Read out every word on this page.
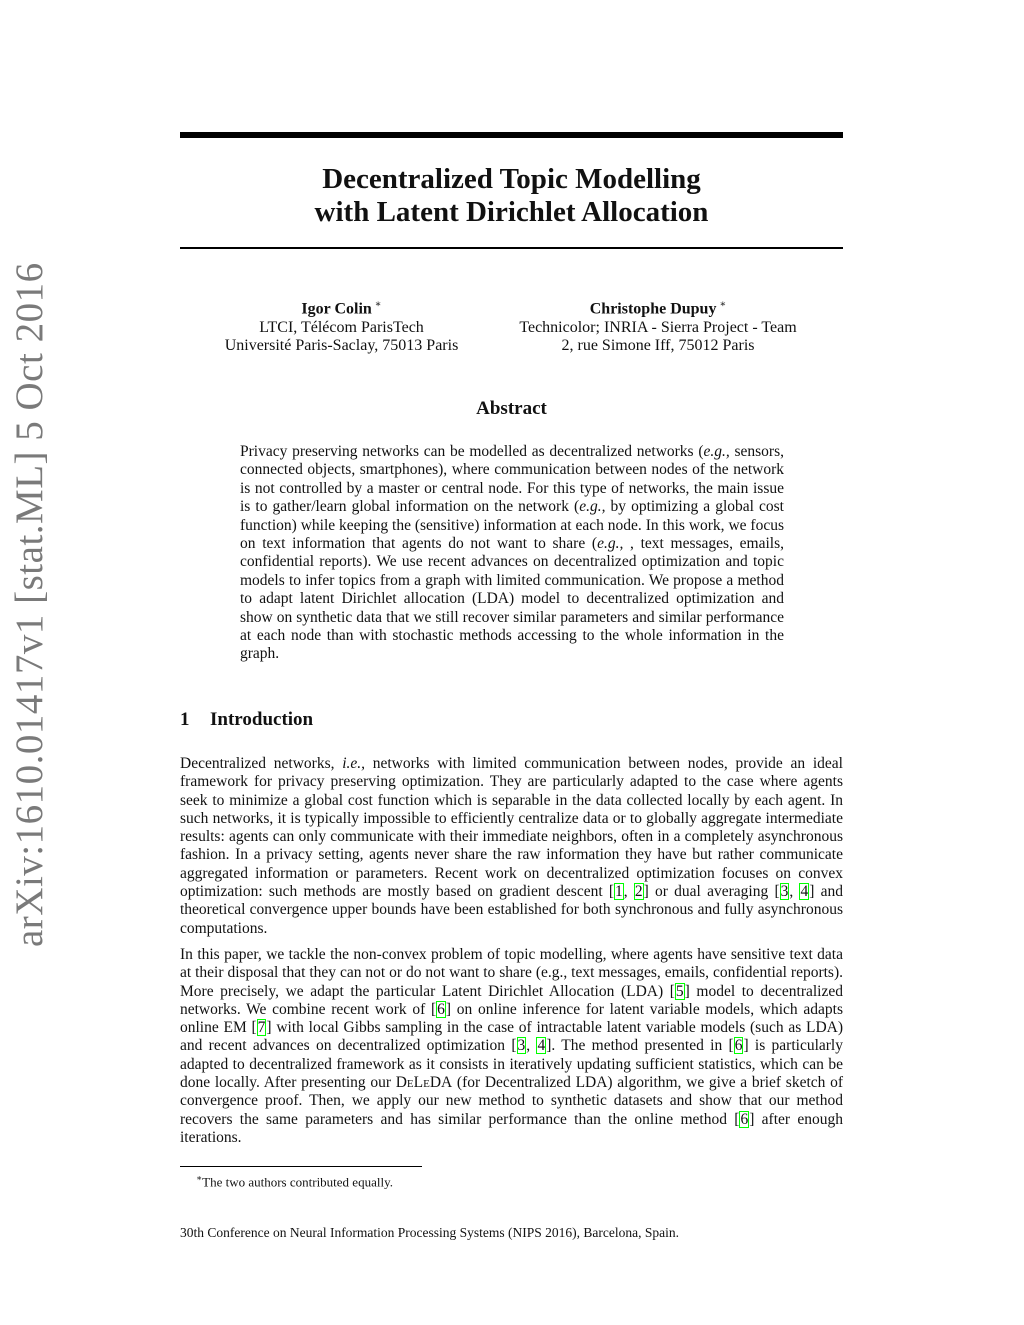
arXiv:1610.01417v1 [stat.ML] 5 Oct 2016
Decentralized Topic Modelling
with Latent Dirichlet Allocation
Igor Colin ∗
LTCI, Télécom ParisTech
Université Paris-Saclay, 75013 Paris
Christophe Dupuy ∗
Technicolor; INRIA - Sierra Project - Team
2, rue Simone Iff, 75012 Paris
Abstract

Privacy preserving networks can be modelled as decentralized networks (e.g., sensors, connected objects, smartphones), where communication between nodes of the network is not controlled by a master or central node. For this type of networks, the main issue is to gather/learn global information on the network (e.g., by optimizing a global cost function) while keeping the (sensitive) information at each node. In this work, we focus on text information that agents do not want to share (e.g., , text messages, emails, confidential reports). We use recent advances on decentralized optimization and topic models to infer topics from a graph with limited communication. We propose a method to adapt latent Dirichlet allocation (LDA) model to decentralized optimization and show on synthetic data that we still recover similar parameters and similar performance at each node than with stochastic methods accessing to the whole information in the graph.

1 Introduction

Decentralized networks, i.e., networks with limited communication between nodes, provide an ideal framework for privacy preserving optimization. They are particularly adapted to the case where agents seek to minimize a global cost function which is separable in the data collected locally by each agent. In such networks, it is typically impossible to efficiently centralize data or to globally aggregate intermediate results: agents can only communicate with their immediate neighbors, often in a completely asynchronous fashion. In a privacy setting, agents never share the raw information they have but rather communicate aggregated information or parameters. Recent work on decentralized optimization focuses on convex optimization: such methods are mostly based on gradient descent [1, 2] or dual averaging [3, 4] and theoretical convergence upper bounds have been established for both synchronous and fully asynchronous computations.

In this paper, we tackle the non-convex problem of topic modelling, where agents have sensitive text data at their disposal that they can not or do not want to share (e.g., text messages, emails, confidential reports). More precisely, we adapt the particular Latent Dirichlet Allocation (LDA) [5] model to decentralized networks. We combine recent work of [6] on online inference for latent variable models, which adapts online EM [7] with local Gibbs sampling in the case of intractable latent variable models (such as LDA) and recent advances on decentralized optimization [3, 4]. The method presented in [6] is particularly adapted to decentralized framework as it consists in iteratively updating sufficient statistics, which can be done locally. After presenting our DeLeDA (for Decentralized LDA) algorithm, we give a brief sketch of convergence proof. Then, we apply our new method to synthetic datasets and show that our method recovers the same parameters and has similar performance than the online method [6] after enough iterations.

∗The two authors contributed equally.
30th Conference on Neural Information Processing Systems (NIPS 2016), Barcelona, Spain.
